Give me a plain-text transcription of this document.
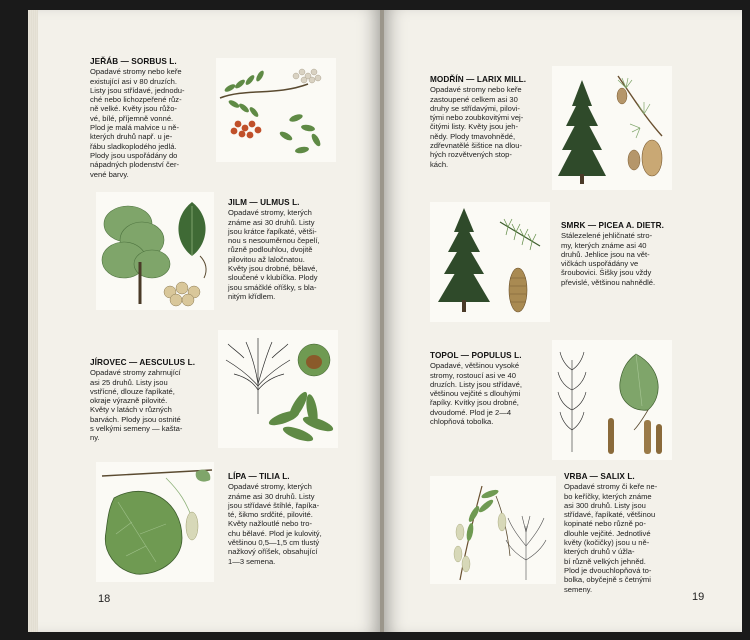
JEŘÁB — SORBUS L.
Opadavé stromy nebo keře
existující asi v 80 druzích.
Listy jsou střídavé, jednodu-
ché nebo lichozpeřené růz-
ně velké. Květy jsou růžo-
vé, bílé, příjemně vonné.
Plod je malá malvice u ně-
kterých druhů např. u je-
řábu sladkoplodého jedlá.
Plody jsou uspořádány do
nápadných plodenství čer-
vené barvy.
JILM — ULMUS L.
Opadavé stromy, kterých
známe asi 30 druhů. Listy
jsou krátce řapíkaté, větši-
nou s nesouměrnou čepelí,
různě podlouhlou, dvojitě
pilovitou až laločnatou.
Květy jsou drobné, bělavé,
sloučené v klubíčka. Plody
jsou smáčklé oříšky, s bla-
nitým křídlem.
JÍROVEC — AESCULUS L.
Opadavé stromy zahrnující
asi 25 druhů. Listy jsou
vstřícné, dlouze řapíkaté,
okraje výrazně pilovité.
Květy v latách v různých
barvách. Plody jsou ostnité
s velkými semeny — kašta-
ny.
LÍPA — TILIA L.
Opadavé stromy, kterých
známe asi 30 druhů. Listy
jsou střídavé štíhlé, řapíka-
té, šikmo srdčité, pilovité.
Květy nažloutlé nebo tro-
chu bělavé. Plod je kulovitý,
většinou 0,5—1,5 cm tlustý
nažkový oříšek, obsahující
1—3 semena.
18
MODŘÍN — LARIX MILL.
Opadavé stromy nebo keře
zastoupené celkem asi 30
druhy se střídavými, pilovi-
tými nebo zoubkovitými vej-
čitými listy. Květy jsou jeh-
nědy. Plody tmavohnědé,
zdřevnatělé šištice na dlou-
hých rozvětvených stop-
kách.
SMRK — PICEA A. DIETR.
Stálezelené jehličnaté stro-
my, kterých známe asi 40
druhů. Jehlice jsou na vět-
vičkách uspořádány ve
šroubovici. Šišky jsou vždy
převislé, většinou nahnědlé.
TOPOL — POPULUS L.
Opadavé, většinou vysoké
stromy, rostoucí asi ve 40
druzích. Listy jsou střídavé,
většinou vejčité s dlouhými
řapíky. Kvítky jsou drobné,
dvoudomé. Plod je 2—4
chlopňová tobolka.
VRBA — SALIX L.
Opadavé stromy či keře ne-
bo keříčky, kterých známe
asi 300 druhů. Listy jsou
střídavé, řapíkaté, většinou
kopinaté nebo různě po-
dlouhle vejčité. Jednotlivé
květy (kočičky) jsou u ně-
kterých druhů v úžla-
bí různě velkých jehněd.
Plod je dvouchlopňová to-
bolka, obyčejně s četnými
semeny.
19
